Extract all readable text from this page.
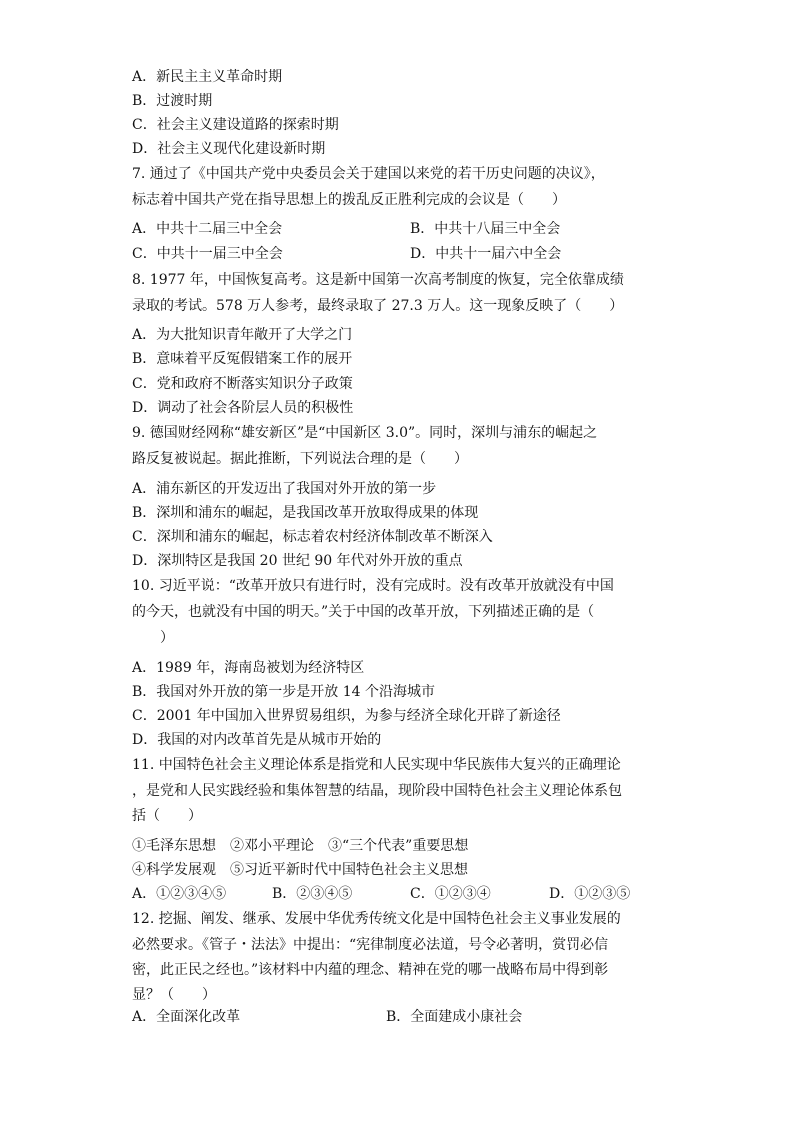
A．新民主主义革命时期
B．过渡时期
C．社会主义建设道路的探索时期
D．社会主义现代化建设新时期
7. 通过了《中国共产党中央委员会关于建国以来党的若干历史问题的决议》，
标志着中国共产党在指导思想上的拨乱反正胜利完成的会议是（　　）
A．中共十二届三中全会	B．中共十八届三中全会
C．中共十一届三中全会	D．中共十一届六中全会
8. 1977 年，中国恢复高考。这是新中国第一次高考制度的恢复，完全依靠成绩
录取的考试。578 万人参考，最终录取了 27.3 万人。这一现象反映了（　　）
A．为大批知识青年敞开了大学之门
B．意味着平反冤假错案工作的展开
C．党和政府不断落实知识分子政策
D．调动了社会各阶层人员的积极性
9. 德国财经网称“雄安新区”是“中国新区 3.0”。同时，深圳与浦东的崛起之
路反复被说起。据此推断，下列说法合理的是（　　）
A．浦东新区的开发迈出了我国对外开放的第一步
B．深圳和浦东的崛起，是我国改革开放取得成果的体现
C．深圳和浦东的崛起，标志着农村经济体制改革不断深入
D．深圳特区是我国 20 世纪 90 年代对外开放的重点
10. 习近平说：“改革开放只有进行时，没有完成时。没有改革开放就没有中国
的今天，也就没有中国的明天。”关于中国的改革开放，下列描述正确的是（
　　）
A．1989 年，海南岛被划为经济特区
B．我国对外开放的第一步是开放 14 个沿海城市
C．2001 年中国加入世界贸易组织，为参与经济全球化开辟了新途径
D．我国的对内改革首先是从城市开始的
11. 中国特色社会主义理论体系是指党和人民实现中华民族伟大复兴的正确理论
，是党和人民实践经验和集体智慧的结晶，现阶段中国特色社会主义理论体系包
括（　　）
①毛泽东思想　②邓小平理论　③“三个代表”重要思想
④科学发展观　⑤习近平新时代中国特色社会主义思想
A．①②③④⑤	B．②③④⑤	C．①②③④	D．①②③⑤
12. 挖掘、阐发、继承、发展中华优秀传统文化是中国特色社会主义事业发展的
必然要求。《管子・法法》中提出：“宪律制度必法道，号令必著明，赏罚必信
密，此正民之经也。”该材料中内蕴的理念、精神在党的哪一战略布局中得到彰
显？（　　）
A．全面深化改革	B．全面建成小康社会
